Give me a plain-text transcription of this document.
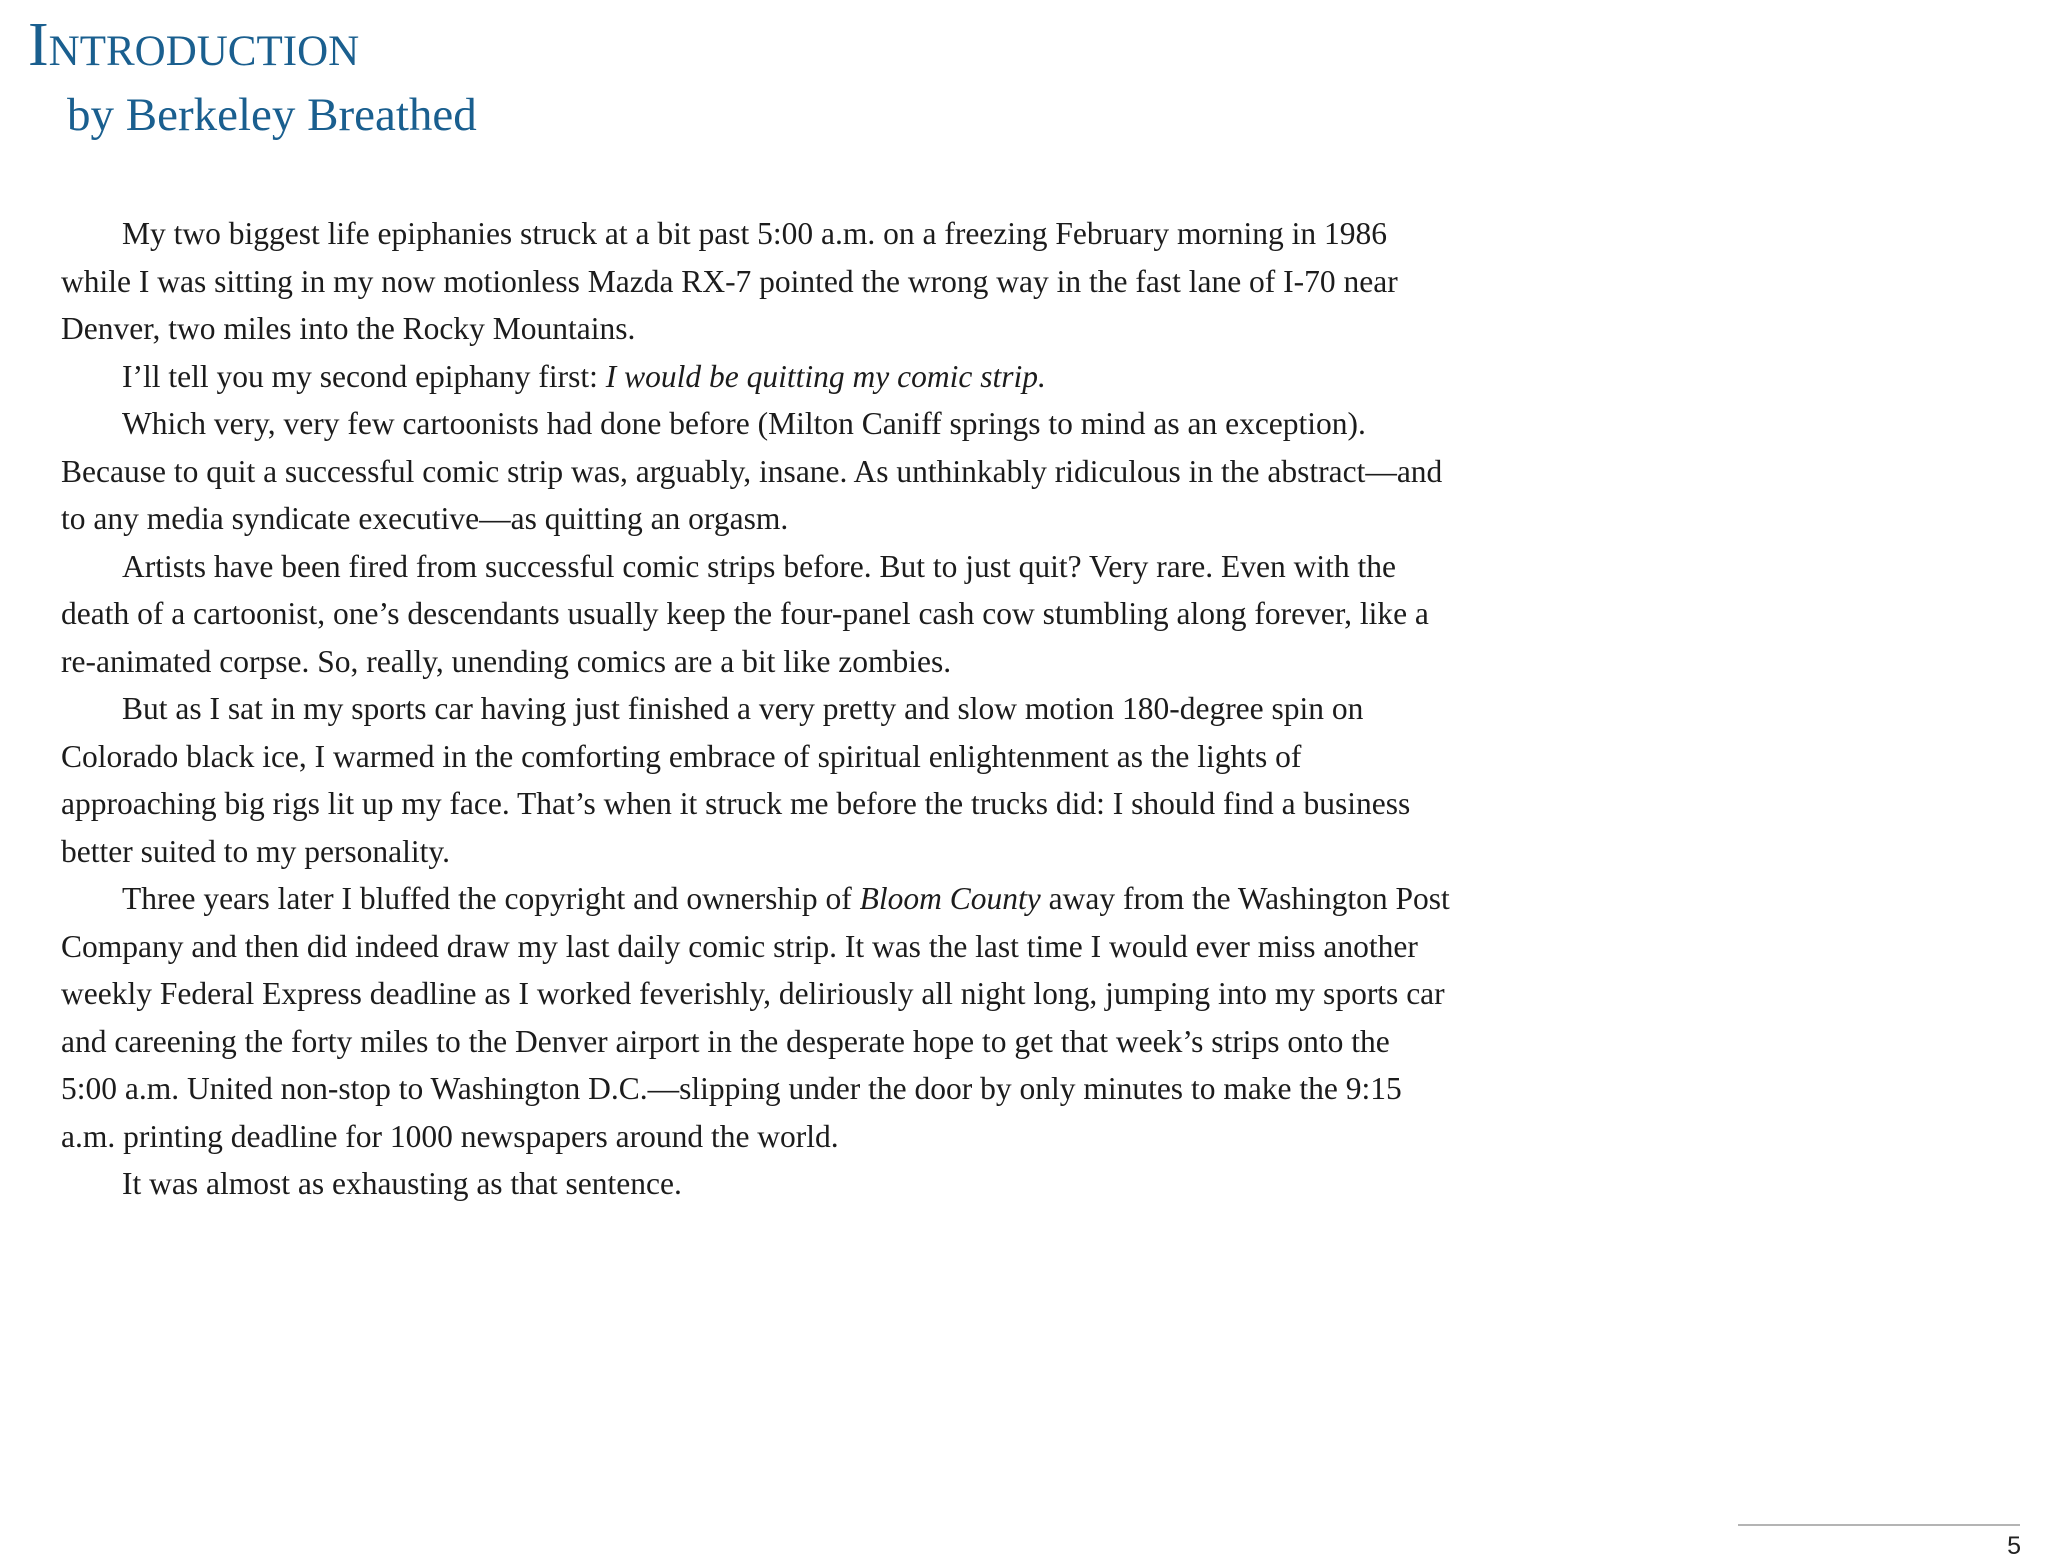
Introduction
by Berkeley Breathed
My two biggest life epiphanies struck at a bit past 5:00 a.m. on a freezing February morning in 1986
while I was sitting in my now motionless Mazda RX-7 pointed the wrong way in the fast lane of I-70 near
Denver, two miles into the Rocky Mountains.
I’ll tell you my second epiphany first: I would be quitting my comic strip.
Which very, very few cartoonists had done before (Milton Caniff springs to mind as an exception).
Because to quit a successful comic strip was, arguably, insane. As unthinkably ridiculous in the abstract—and
to any media syndicate executive—as quitting an orgasm.
Artists have been fired from successful comic strips before. But to just quit? Very rare. Even with the
death of a cartoonist, one’s descendants usually keep the four-panel cash cow stumbling along forever, like a
re-animated corpse. So, really, unending comics are a bit like zombies.
But as I sat in my sports car having just finished a very pretty and slow motion 180-degree spin on
Colorado black ice, I warmed in the comforting embrace of spiritual enlightenment as the lights of
approaching big rigs lit up my face. That’s when it struck me before the trucks did: I should find a business
better suited to my personality.
Three years later I bluffed the copyright and ownership of Bloom County away from the Washington Post
Company and then did indeed draw my last daily comic strip. It was the last time I would ever miss another
weekly Federal Express deadline as I worked feverishly, deliriously all night long, jumping into my sports car
and careening the forty miles to the Denver airport in the desperate hope to get that week’s strips onto the
5:00 a.m. United non-stop to Washington D.C.—slipping under the door by only minutes to make the 9:15
a.m. printing deadline for 1000 newspapers around the world.
It was almost as exhausting as that sentence.
5
